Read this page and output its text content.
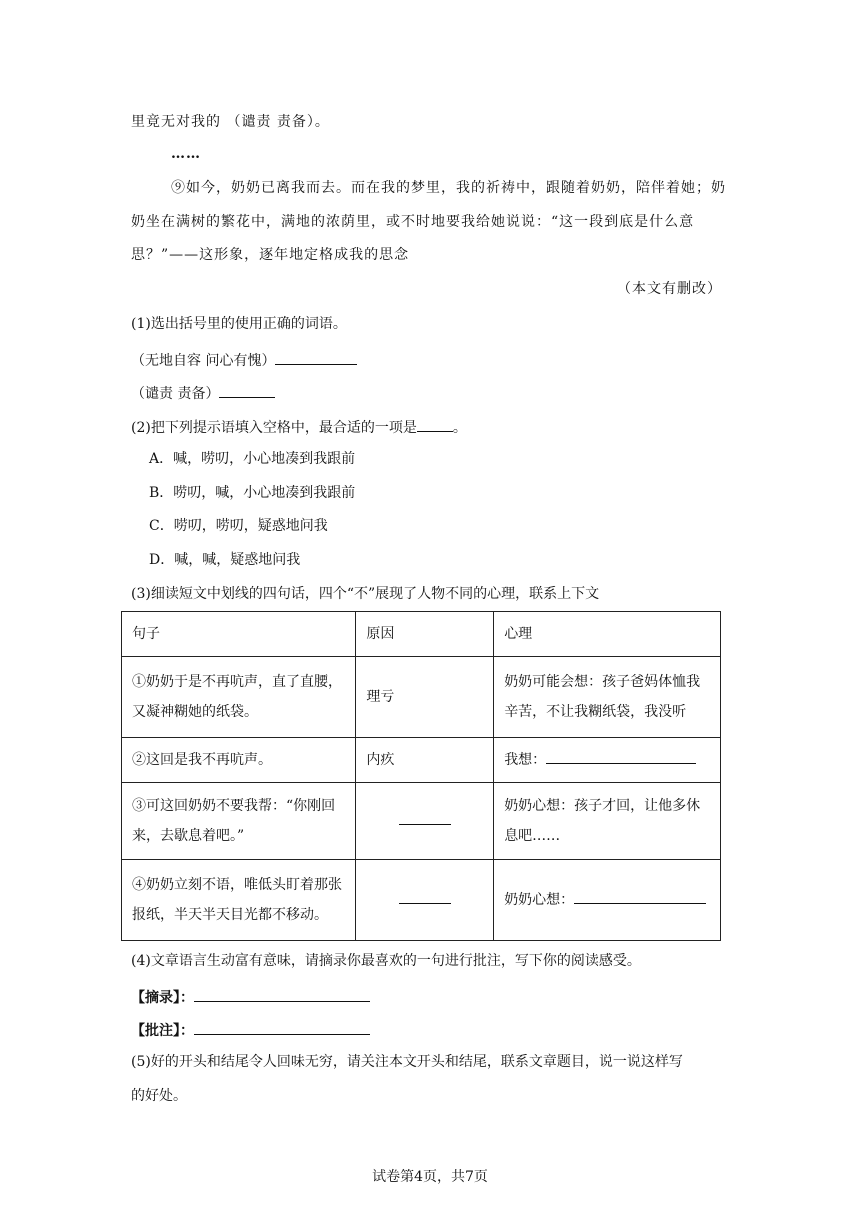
里竟无对我的 （谴责 责备）。
……
⑨如今，奶奶已离我而去。而在我的梦里，我的祈祷中，跟随着奶奶，陪伴着她；奶
奶坐在满树的繁花中，满地的浓荫里，或不时地要我给她说说：“这一段到底是什么意
思？”——这形象，逐年地定格成我的思念
（本文有删改）
(1)选出括号里的使用正确的词语。
（无地自容 问心有愧）
（谴责 责备）
(2)把下列提示语填入空格中，最合适的一项是	。
A．喊，唠叨，小心地凑到我跟前
B．唠叨，喊，小心地凑到我跟前
C．唠叨，唠叨，疑惑地问我
D．喊，喊，疑惑地问我
(3)细读短文中划线的四句话，四个“不”展现了人物不同的心理，联系上下文
句子	原因	心理
①奶奶于是不再吭声，直了直腰，又凝神糊她的纸袋。	理亏	奶奶可能会想：孩子爸妈体恤我辛苦，不让我糊纸袋，我没听
②这回是我不再吭声。	内疚	我想：
③可这回奶奶不要我帮：“你刚回来，去歇息着吧。”		奶奶心想：孩子才回，让他多休息吧……
④奶奶立刻不语，唯低头盯着那张报纸，半天半天目光都不移动。		奶奶心想：
(4)文章语言生动富有意味，请摘录你最喜欢的一句进行批注，写下你的阅读感受。
【摘录】：
【批注】：
(5)好的开头和结尾令人回味无穷，请关注本文开头和结尾，联系文章题目，说一说这样写
的好处。
试卷第4页，共7页
